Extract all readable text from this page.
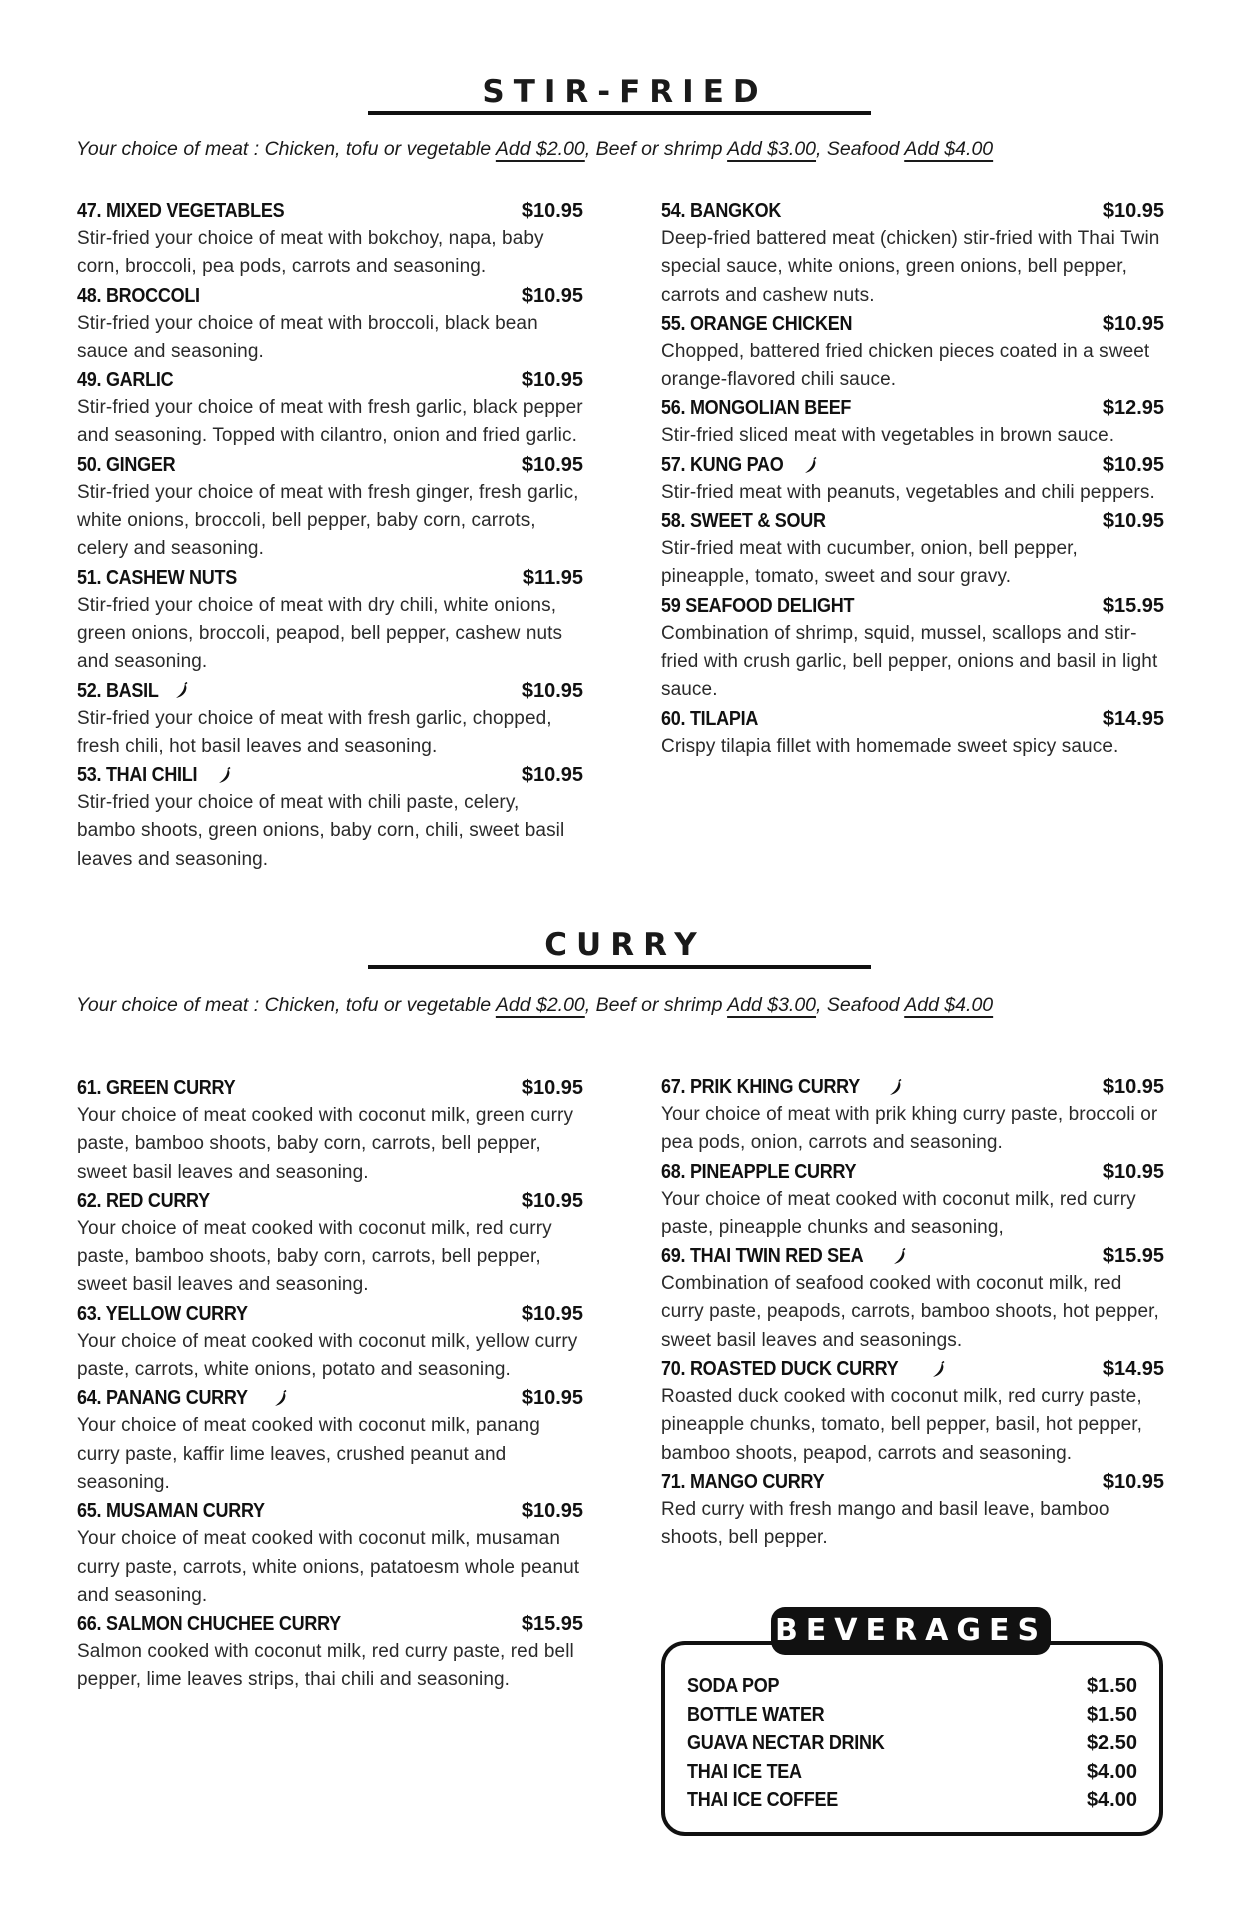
STIR-FRIED
Your choice of meat : Chicken, tofu or vegetable Add $2.00, Beef or shrimp Add $3.00, Seafood Add $4.00
47. MIXED VEGETABLES	$10.95
Stir-fried your choice of meat with bokchoy, napa, baby corn, broccoli, pea pods, carrots and seasoning.
48. BROCCOLI	$10.95
Stir-fried your choice of meat with broccoli, black bean sauce and seasoning.
49. GARLIC	$10.95
Stir-fried your choice of meat with fresh garlic, black pepper and seasoning. Topped with cilantro, onion and fried garlic.
50. GINGER	$10.95
Stir-fried your choice of meat with fresh ginger, fresh garlic, white onions, broccoli, bell pepper, baby corn, carrots, celery and seasoning.
51. CASHEW NUTS	$11.95
Stir-fried your choice of meat with dry chili, white onions, green onions, broccoli, peapod, bell pepper, cashew nuts and seasoning.
52. BASIL	$10.95
Stir-fried your choice of meat with fresh garlic, chopped, fresh chili, hot basil leaves and seasoning.
53. THAI CHILI	$10.95
Stir-fried your choice of meat with chili paste, celery, bambo shoots, green onions, baby corn, chili, sweet basil leaves and seasoning.
54. BANGKOK	$10.95
Deep-fried battered meat (chicken) stir-fried with Thai Twin special sauce, white onions, green onions, bell pepper, carrots and cashew nuts.
55. ORANGE CHICKEN	$10.95
Chopped, battered fried chicken pieces coated in a sweet orange-flavored chili sauce.
56. MONGOLIAN BEEF	$12.95
Stir-fried sliced meat with vegetables in brown sauce.
57. KUNG PAO	$10.95
Stir-fried meat with peanuts, vegetables and chili peppers.
58. SWEET & SOUR	$10.95
Stir-fried meat with cucumber, onion, bell pepper, pineapple, tomato, sweet and sour gravy.
59 SEAFOOD DELIGHT	$15.95
Combination of shrimp, squid, mussel, scallops and stir-fried with crush garlic, bell pepper, onions and basil in light sauce.
60. TILAPIA	$14.95
Crispy tilapia fillet with homemade sweet spicy sauce.
CURRY
Your choice of meat : Chicken, tofu or vegetable Add $2.00, Beef or shrimp Add $3.00, Seafood Add $4.00
61. GREEN CURRY	$10.95
Your choice of meat cooked with coconut milk, green curry paste, bamboo shoots, baby corn, carrots, bell pepper, sweet basil leaves and seasoning.
62. RED CURRY	$10.95
Your choice of meat cooked with coconut milk, red curry paste, bamboo shoots, baby corn, carrots, bell pepper, sweet basil leaves and seasoning.
63. YELLOW CURRY	$10.95
Your choice of meat cooked with coconut milk, yellow curry paste, carrots, white onions, potato and seasoning.
64. PANANG CURRY	$10.95
Your choice of meat cooked with coconut milk, panang curry paste, kaffir lime leaves, crushed peanut and seasoning.
65. MUSAMAN CURRY	$10.95
Your choice of meat cooked with coconut milk, musaman curry paste, carrots, white onions, patatoesm whole peanut and seasoning.
66. SALMON CHUCHEE CURRY	$15.95
Salmon cooked with coconut milk, red curry paste, red bell pepper, lime leaves strips, thai chili and seasoning.
67. PRIK KHING CURRY	$10.95
Your choice of meat with prik khing curry paste, broccoli or pea pods, onion, carrots and seasoning.
68. PINEAPPLE CURRY	$10.95
Your choice of meat cooked with coconut milk, red curry paste, pineapple chunks and seasoning,
69. THAI TWIN RED SEA	$15.95
Combination of seafood cooked with coconut milk, red curry paste, peapods, carrots, bamboo shoots, hot pepper, sweet basil leaves and seasonings.
70. ROASTED DUCK CURRY	$14.95
Roasted duck cooked with coconut milk, red curry paste, pineapple chunks, tomato, bell pepper, basil, hot pepper, bamboo shoots, peapod, carrots and seasoning.
71. MANGO CURRY	$10.95
Red curry with fresh mango and basil leave, bamboo shoots, bell pepper.
BEVERAGES
SODA POP	$1.50
BOTTLE WATER	$1.50
GUAVA NECTAR DRINK	$2.50
THAI ICE TEA	$4.00
THAI ICE COFFEE	$4.00
